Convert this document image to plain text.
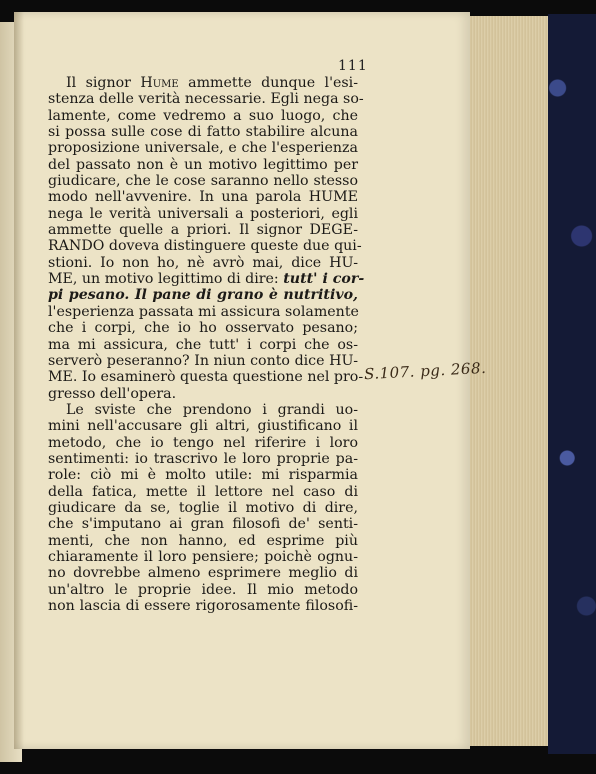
111

Il signor Hume ammette dunque l'esi-
stenza delle verità necessarie. Egli nega so-
lamente, come vedremo a suo luogo, che
si possa sulle cose di fatto stabilire alcuna
proposizione universale, e che l'esperienza
del passato non è un motivo legittimo per
giudicare, che le cose saranno nello stesso
modo nell'avvenire. In una parola HUME
nega le verità universali a posteriori, egli
ammette quelle a priori. Il signor DEGE-
RANDO doveva distinguere queste due qui-
stioni. Io non ho, nè avrò mai, dice HU-
ME, un motivo legittimo di dire: tutt' i cor-
pi pesano. Il pane di grano è nutritivo,
l'esperienza passata mi assicura solamente
che i corpi, che io ho osservato pesano;
ma mi assicura, che tutt' i corpi che os-
serverò peseranno? In niun conto dice HU-
ME. Io esaminerò questa questione nel pro-
gresso dell'opera.

Le sviste che prendono i grandi uo-
mini nell'accusare gli altri, giustificano il
metodo, che io tengo nel riferire i loro
sentimenti: io trascrivo le loro proprie pa-
role: ciò mi è molto utile: mi risparmia
della fatica, mette il lettore nel caso di
giudicare da se, toglie il motivo di dire,
che s'imputano ai gran filosofi de' senti-
menti, che non hanno, ed esprime più
chiaramente il loro pensiere; poichè ognu-
no dovrebbe almeno esprimere meglio di
un'altro le proprie idee. Il mio metodo
non lascia di essere rigorosamente filosofi-

S.107. pg. 268.
